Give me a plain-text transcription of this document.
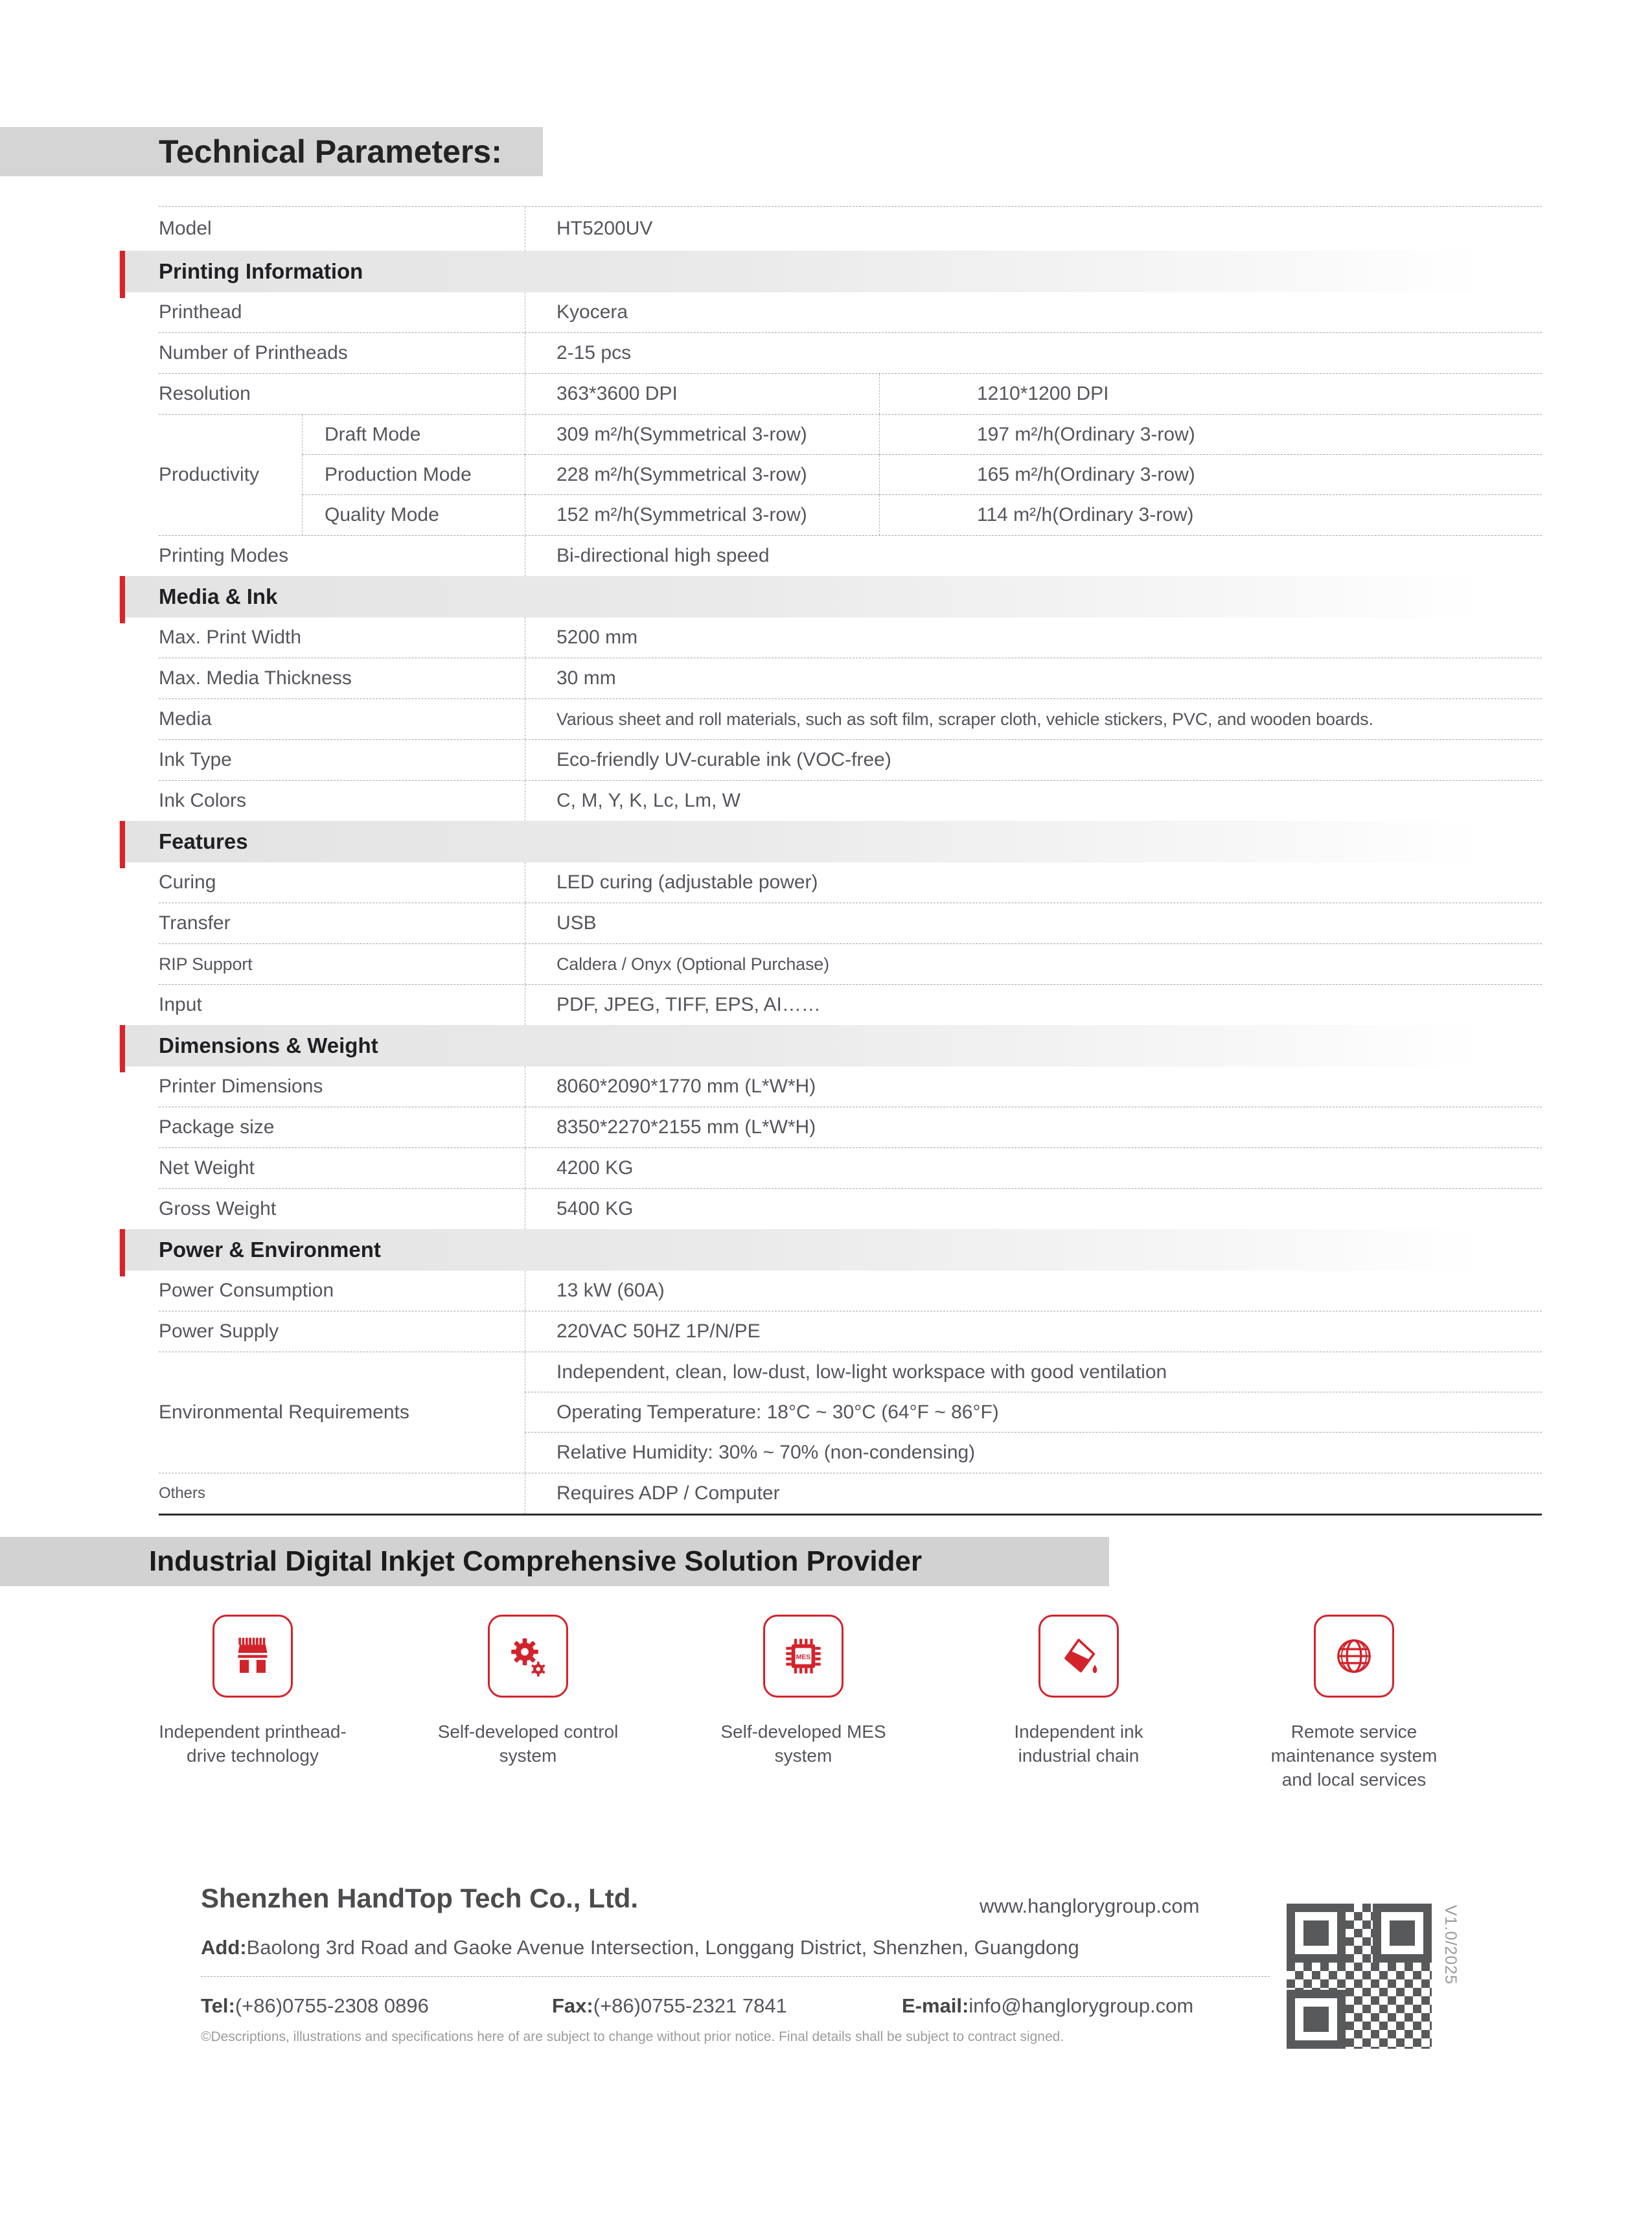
Technical Parameters:
Model	HT5200UV
Printing Information
Printhead	Kyocera
Number of Printheads	2-15 pcs
Resolution	363*3600 DPI	1210*1200 DPI
Productivity
Draft Mode	309 m²/h(Symmetrical 3-row)	197 m²/h(Ordinary 3-row)
Production Mode	228 m²/h(Symmetrical 3-row)	165 m²/h(Ordinary 3-row)
Quality Mode	152 m²/h(Symmetrical 3-row)	114 m²/h(Ordinary 3-row)
Printing Modes	Bi-directional high speed
Media & Ink
Max. Print Width	5200 mm
Max. Media Thickness	30 mm
Media	Various sheet and roll materials, such as soft film, scraper cloth, vehicle stickers, PVC, and wooden boards.
Ink Type	Eco-friendly UV-curable ink (VOC-free)
Ink Colors	C, M, Y, K, Lc, Lm, W
Features
Curing	LED curing (adjustable power)
Transfer	USB
RIP Support	Caldera / Onyx (Optional Purchase)
Input	PDF, JPEG, TIFF, EPS, AI……
Dimensions & Weight
Printer Dimensions	8060*2090*1770 mm (L*W*H)
Package size	8350*2270*2155 mm (L*W*H)
Net Weight	4200 KG
Gross Weight	5400 KG
Power & Environment
Power Consumption	13 kW (60A)
Power Supply	220VAC 50HZ 1P/N/PE
Environmental Requirements
Independent, clean, low-dust, low-light workspace with good ventilation
Operating Temperature: 18°C ~ 30°C (64°F ~ 86°F)
Relative Humidity: 30% ~ 70% (non-condensing)
Others	Requires ADP / Computer
Industrial Digital Inkjet Comprehensive Solution Provider
Independent printhead-drive technology
Self-developed control system
MES
Self-developed MES system
Independent ink industrial chain
Remote service maintenance system and local services
Shenzhen HandTop Tech Co., Ltd.	www.hanglorygroup.com
Add:Baolong 3rd Road and Gaoke Avenue Intersection, Longgang District, Shenzhen, Guangdong
Tel:(+86)0755-2308 0896	Fax:(+86)0755-2321 7841	E-mail:info@hanglorygroup.com
©Descriptions, illustrations and specifications here of are subject to change without prior notice. Final details shall be subject to contract signed.
V1.0/2025
